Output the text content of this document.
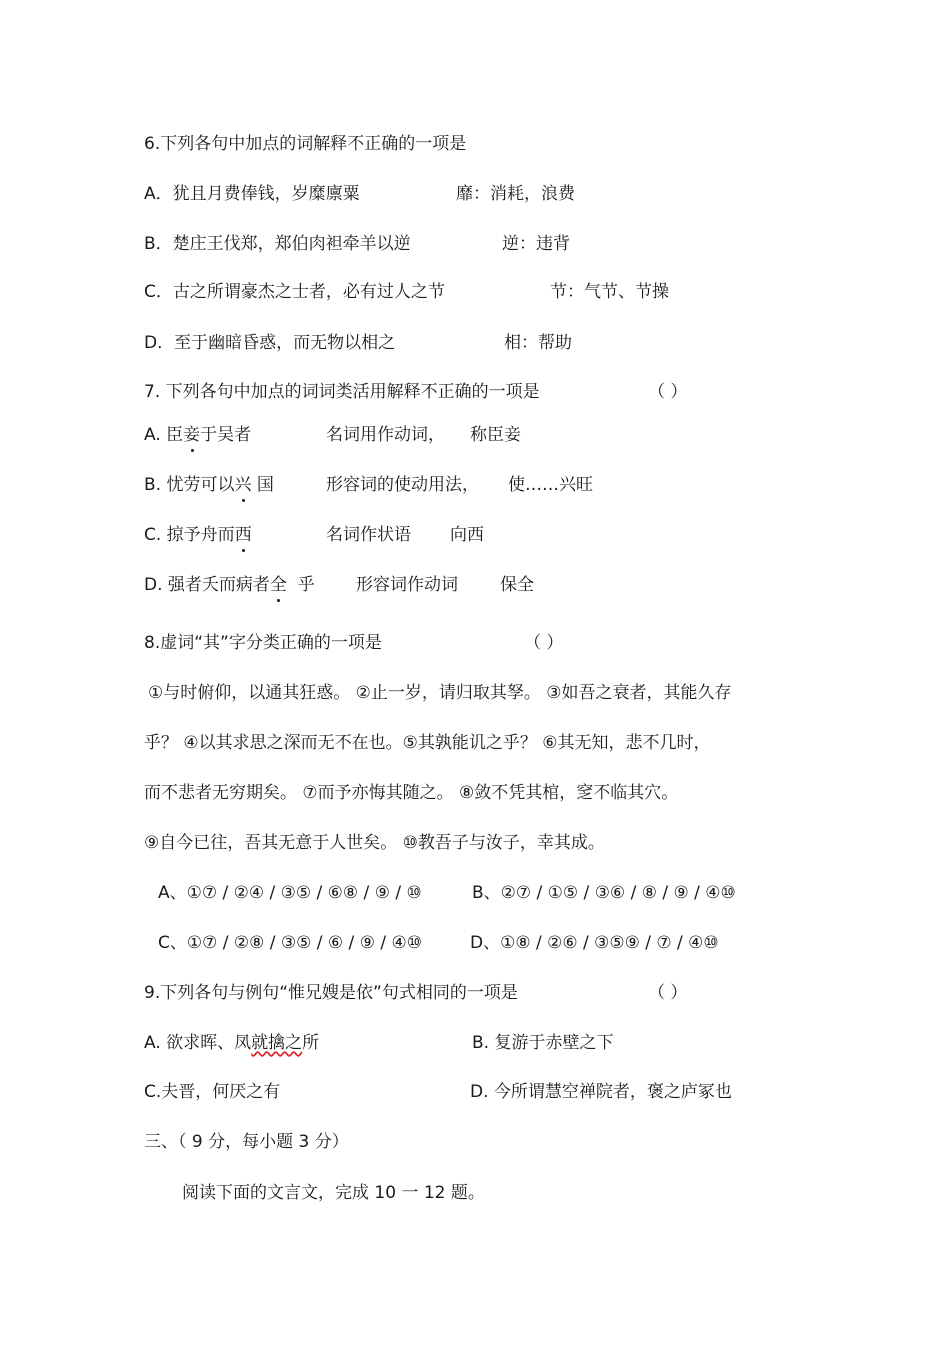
6.下列各句中加点的词解释不正确的一项是
A．犹且月费俸钱，岁糜廪粟	靡：消耗，浪费
B．楚庄王伐郑，郑伯肉袒牵羊以逆	逆：违背
C．古之所谓豪杰之士者，必有过人之节	节：气节、节操
D．至于幽暗昏惑，而无物以相之	相：帮助
7. 下列各句中加点的词词类活用解释不正确的一项是	（ ）
A. 臣妾于吴者	名词用作动词， 称臣妾
B. 忧劳可以兴 国	形容词的使动用法， 使……兴旺
C. 掠予舟而西	名词作状语 向西
D. 强者夭而病者全 乎 形容词作动词 保全
8.虚词“其”字分类正确的一项是	（ ）
①与时俯仰，以通其狂惑。 ②止一岁，请归取其孥。 ③如吾之衰者，其能久存
乎？ ④以其求思之深而无不在也。⑤其孰能讥之乎？ ⑥其无知，悲不几时，
而不悲者无穷期矣。 ⑦而予亦悔其随之。 ⑧敛不凭其棺，窆不临其穴。
⑨自今已往，吾其无意于人世矣。 ⑩教吾子与汝子，幸其成。
A、①⑦ / ②④ / ③⑤ / ⑥⑧ / ⑨ / ⑩	B、②⑦ / ①⑤ / ③⑥ / ⑧ / ⑨ / ④⑩
C、①⑦ / ②⑧ / ③⑤ / ⑥ / ⑨ / ④⑩	D、①⑧ / ②⑥ / ③⑤⑨ / ⑦ / ④⑩
9.下列各句与例句“惟兄嫂是依”句式相同的一项是	（ ）
A. 欲求晖、凤就擒之所	B. 复游于赤壁之下
C.夫晋，何厌之有	D. 今所谓慧空禅院者，褒之庐冢也
三、（ 9 分，每小题 3 分）
阅读下面的文言文，完成 10 一 12 题。
